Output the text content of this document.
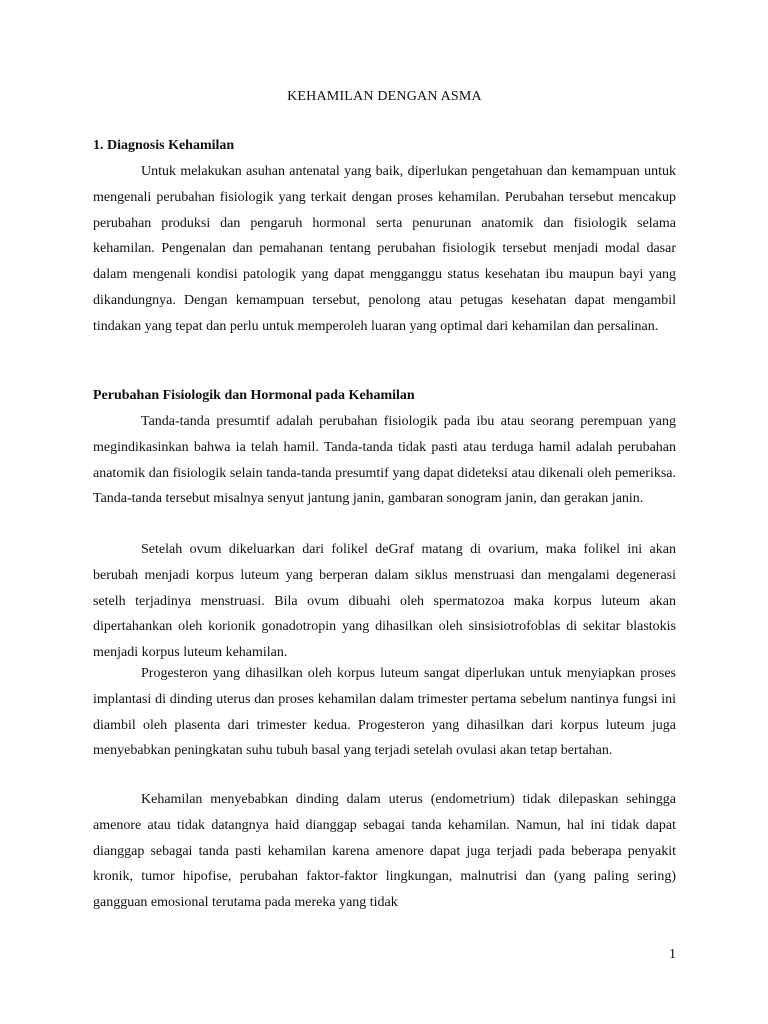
KEHAMILAN DENGAN ASMA
1. Diagnosis Kehamilan

Untuk melakukan asuhan antenatal yang baik, diperlukan pengetahuan dan kemampuan untuk mengenali perubahan fisiologik yang terkait dengan proses kehamilan. Perubahan tersebut mencakup perubahan produksi dan pengaruh hormonal serta penurunan anatomik dan fisiologik selama kehamilan. Pengenalan dan pemahanan tentang perubahan fisiologik tersebut menjadi modal dasar dalam mengenali kondisi patologik yang dapat mengganggu status kesehatan ibu maupun bayi yang dikandungnya. Dengan kemampuan tersebut, penolong atau petugas kesehatan dapat mengambil tindakan yang tepat dan perlu untuk memperoleh luaran yang optimal dari kehamilan dan persalinan.

Perubahan Fisiologik dan Hormonal pada Kehamilan

Tanda-tanda presumtif adalah perubahan fisiologik pada ibu atau seorang perempuan yang megindikasinkan bahwa ia telah hamil. Tanda-tanda tidak pasti atau terduga hamil adalah perubahan anatomik dan fisiologik selain tanda-tanda presumtif yang dapat dideteksi atau dikenali oleh pemeriksa. Tanda-tanda tersebut misalnya senyut jantung janin, gambaran sonogram janin, dan gerakan janin.

Setelah ovum dikeluarkan dari folikel deGraf matang di ovarium, maka folikel ini akan berubah menjadi korpus luteum yang berperan dalam siklus menstruasi dan mengalami degenerasi setelh terjadinya menstruasi. Bila ovum dibuahi oleh spermatozoa maka korpus luteum akan dipertahankan oleh korionik gonadotropin yang dihasilkan oleh sinsisiotrofoblas di sekitar blastokis menjadi korpus luteum kehamilan.

Progesteron yang dihasilkan oleh korpus luteum sangat diperlukan untuk menyiapkan proses implantasi di dinding uterus dan proses kehamilan dalam trimester pertama sebelum nantinya fungsi ini diambil oleh plasenta dari trimester kedua. Progesteron yang dihasilkan dari korpus luteum juga menyebabkan peningkatan suhu tubuh basal yang terjadi setelah ovulasi akan tetap bertahan.

Kehamilan menyebabkan dinding dalam uterus (endometrium) tidak dilepaskan sehingga amenore atau tidak datangnya haid dianggap sebagai tanda kehamilan. Namun, hal ini tidak dapat dianggap sebagai tanda pasti kehamilan karena amenore dapat juga terjadi pada beberapa penyakit kronik, tumor hipofise, perubahan faktor-faktor lingkungan, malnutrisi dan (yang paling sering) gangguan emosional terutama pada mereka yang tidak

1
